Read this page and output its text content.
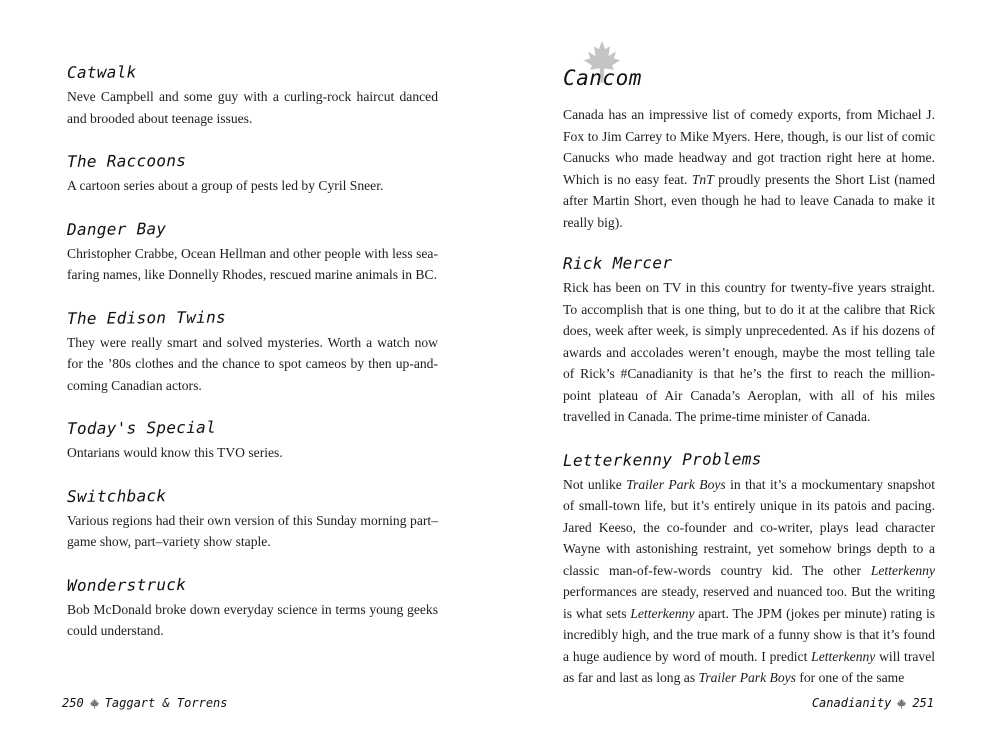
Catwalk

Neve Campbell and some guy with a curling-rock haircut danced and brooded about teenage issues.

The Raccoons

A cartoon series about a group of pests led by Cyril Sneer.

Danger Bay

Christopher Crabbe, Ocean Hellman and other people with less sea-faring names, like Donnelly Rhodes, rescued marine animals in BC.

The Edison Twins

They were really smart and solved mysteries. Worth a watch now for the ’80s clothes and the chance to spot cameos by then up-and-coming Canadian actors.

Today's Special

Ontarians would know this TVO series.

Switchback

Various regions had their own version of this Sunday morning part–game show, part–variety show staple.

Wonderstruck

Bob McDonald broke down everyday science in terms young geeks could understand.

250 Taggart & Torrens
Cancom

Canada has an impressive list of comedy exports, from Michael J. Fox to Jim Carrey to Mike Myers. Here, though, is our list of comic Canucks who made headway and got traction right here at home. Which is no easy feat. TnT proudly presents the Short List (named after Martin Short, even though he had to leave Canada to make it really big).

Rick Mercer

Rick has been on TV in this country for twenty-five years straight. To accomplish that is one thing, but to do it at the calibre that Rick does, week after week, is simply unprecedented. As if his dozens of awards and accolades weren’t enough, maybe the most telling tale of Rick’s #Canadianity is that he’s the first to reach the million-point plateau of Air Canada’s Aeroplan, with all of his miles travelled in Canada. The prime-time minister of Canada.

Letterkenny Problems

Not unlike Trailer Park Boys in that it’s a mockumentary snapshot of small-town life, but it’s entirely unique in its patois and pacing. Jared Keeso, the co-founder and co-writer, plays lead character Wayne with astonishing restraint, yet somehow brings depth to a classic man-of-few-words country kid. The other Letterkenny performances are steady, reserved and nuanced too. But the writing is what sets Letterkenny apart. The JPM (jokes per minute) rating is incredibly high, and the true mark of a funny show is that it’s found a huge audience by word of mouth. I predict Letterkenny will travel as far and last as long as Trailer Park Boys for one of the same

Canadianity 251
